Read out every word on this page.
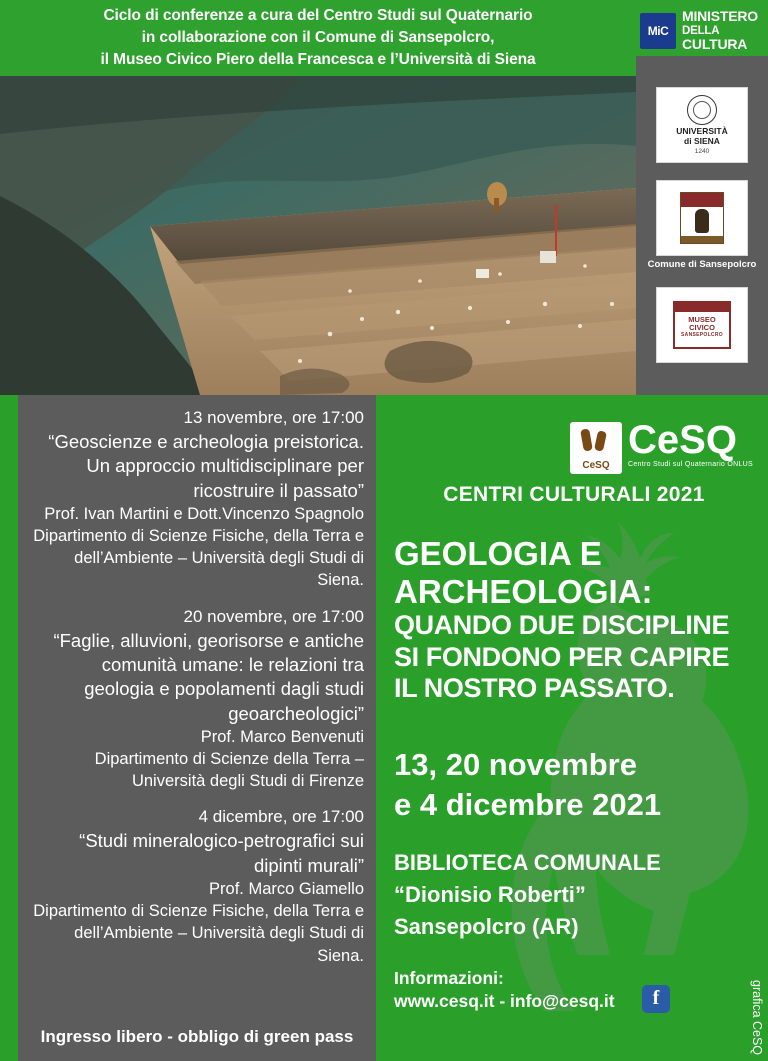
Ciclo di conferenze a cura del Centro Studi sul Quaternario
in collaborazione con il Comune di Sansepolcro,
il Museo Civico Piero della Francesca e l’Università di Siena
MiC
MINISTERO
DELLA
CULTURA
UNIVERSITÀ
di SIENA
1240
Comune di Sansepolcro
MUSEO CIVICO
SANSEPOLCRO
13 novembre, ore 17:00
“Geoscienze e archeologia preistorica. Un approccio multidisciplinare per ricostruire il passato”
Prof. Ivan Martini e Dott.Vincenzo Spagnolo
Dipartimento di Scienze Fisiche, della Terra e dell’Ambiente – Università degli Studi di Siena.
20 novembre, ore 17:00
“Faglie, alluvioni, georisorse e antiche comunità umane: le relazioni tra geologia e popolamenti dagli studi geoarcheologici”
Prof. Marco Benvenuti
Dipartimento di Scienze della Terra – Università degli Studi di Firenze
4 dicembre, ore 17:00
“Studi mineralogico-petrografici sui dipinti murali”
Prof. Marco Giamello
Dipartimento di Scienze Fisiche, della Terra e dell’Ambiente – Università degli Studi di Siena.
Ingresso libero - obbligo di green pass
CeSQ
CeSQ
Centro Studi sul Quaternario ONLUS
CENTRI CULTURALI 2021
GEOLOGIA E
ARCHEOLOGIA:
QUANDO DUE DISCIPLINE
SI FONDONO PER CAPIRE
IL NOSTRO PASSATO.
13, 20 novembre
e 4 dicembre 2021
BIBLIOTECA COMUNALE
“Dionisio Roberti”
Sansepolcro (AR)
Informazioni:
www.cesq.it - info@cesq.it	f	grafica CeSQ
